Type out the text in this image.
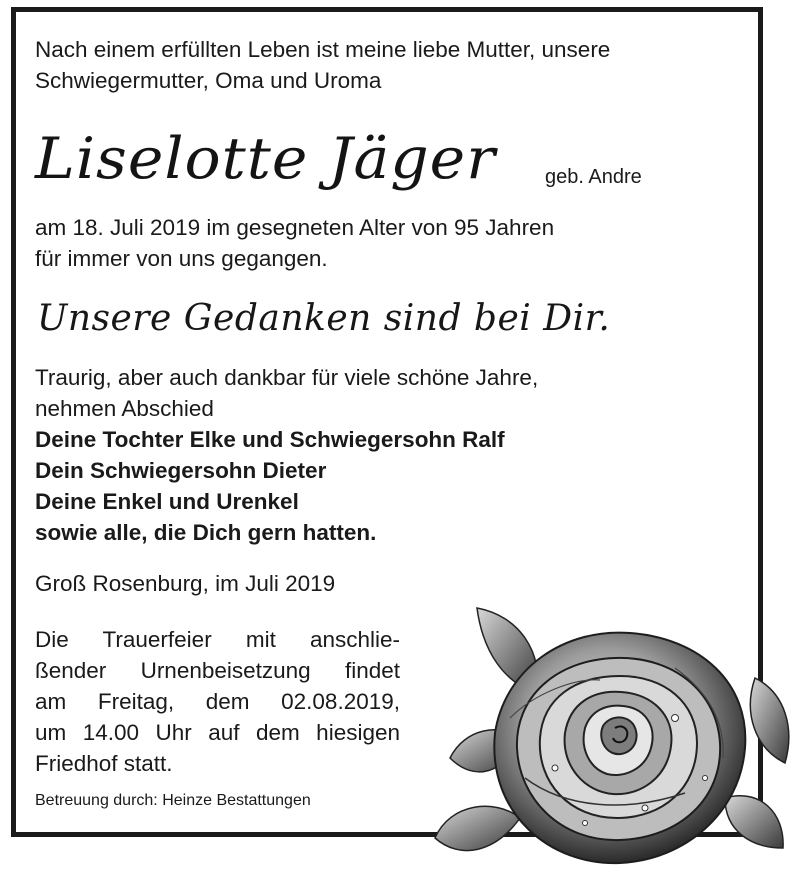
Nach einem erfüllten Leben ist meine liebe Mutter, unsere

Schwiegermutter, Oma und Uroma

Liselotte Jäger geb. Andre

am 18. Juli 2019 im gesegneten Alter von 95 Jahren

für immer von uns gegangen.

Unsere Gedanken sind bei Dir.

Traurig, aber auch dankbar für viele schöne Jahre,

nehmen Abschied

Deine Tochter Elke und Schwiegersohn Ralf

Dein Schwiegersohn Dieter

Deine Enkel und Urenkel

sowie alle, die Dich gern hatten.

Groß Rosenburg, im Juli 2019

Die Trauerfeier mit anschlie-
ßender Urnenbeisetzung findet
am Freitag, dem 02.08.2019,
um 14.00 Uhr auf dem hiesigen
Friedhof statt.
Betreuung durch: Heinze Bestattungen
